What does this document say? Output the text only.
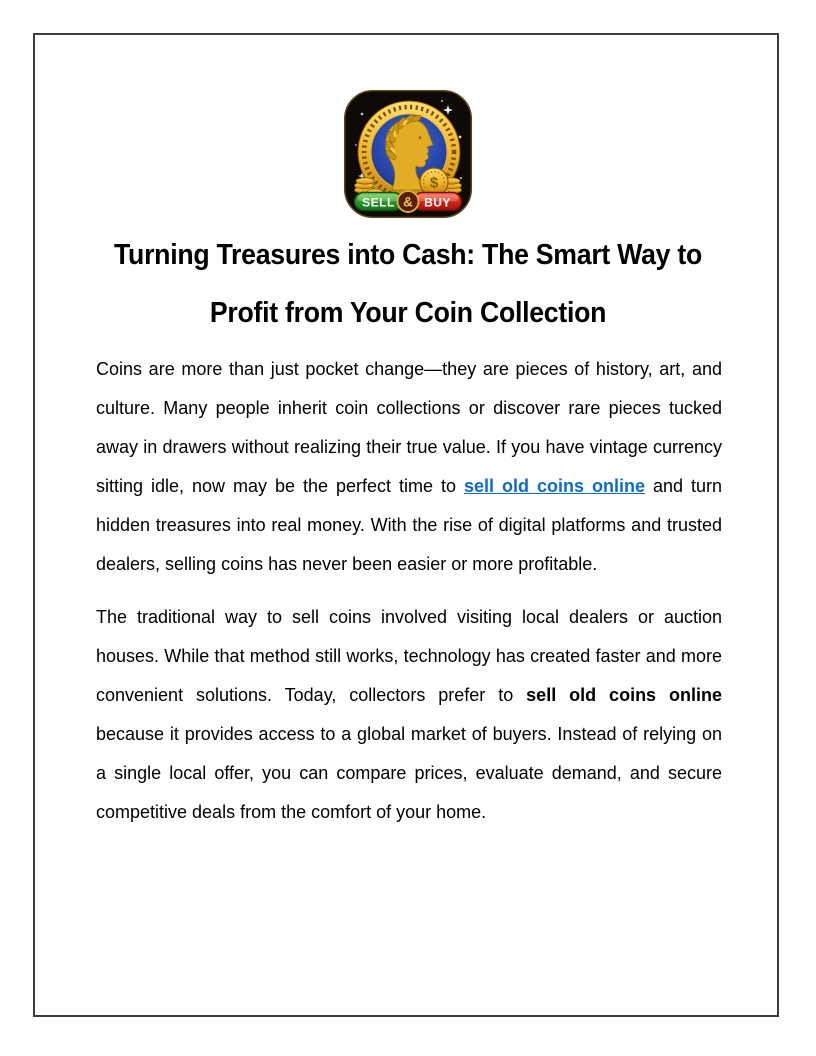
$
SELL BUY
&
Turning Treasures into Cash: The Smart Way to
Profit from Your Coin Collection

Coins are more than just pocket change—they are pieces of history, art, and culture. Many people inherit coin collections or discover rare pieces tucked away in drawers without realizing their true value. If you have vintage currency sitting idle, now may be the perfect time to sell old coins online and turn hidden treasures into real money. With the rise of digital platforms and trusted dealers, selling coins has never been easier or more profitable.

The traditional way to sell coins involved visiting local dealers or auction houses. While that method still works, technology has created faster and more convenient solutions. Today, collectors prefer to sell old coins online because it provides access to a global market of buyers. Instead of relying on a single local offer, you can compare prices, evaluate demand, and secure competitive deals from the comfort of your home.
